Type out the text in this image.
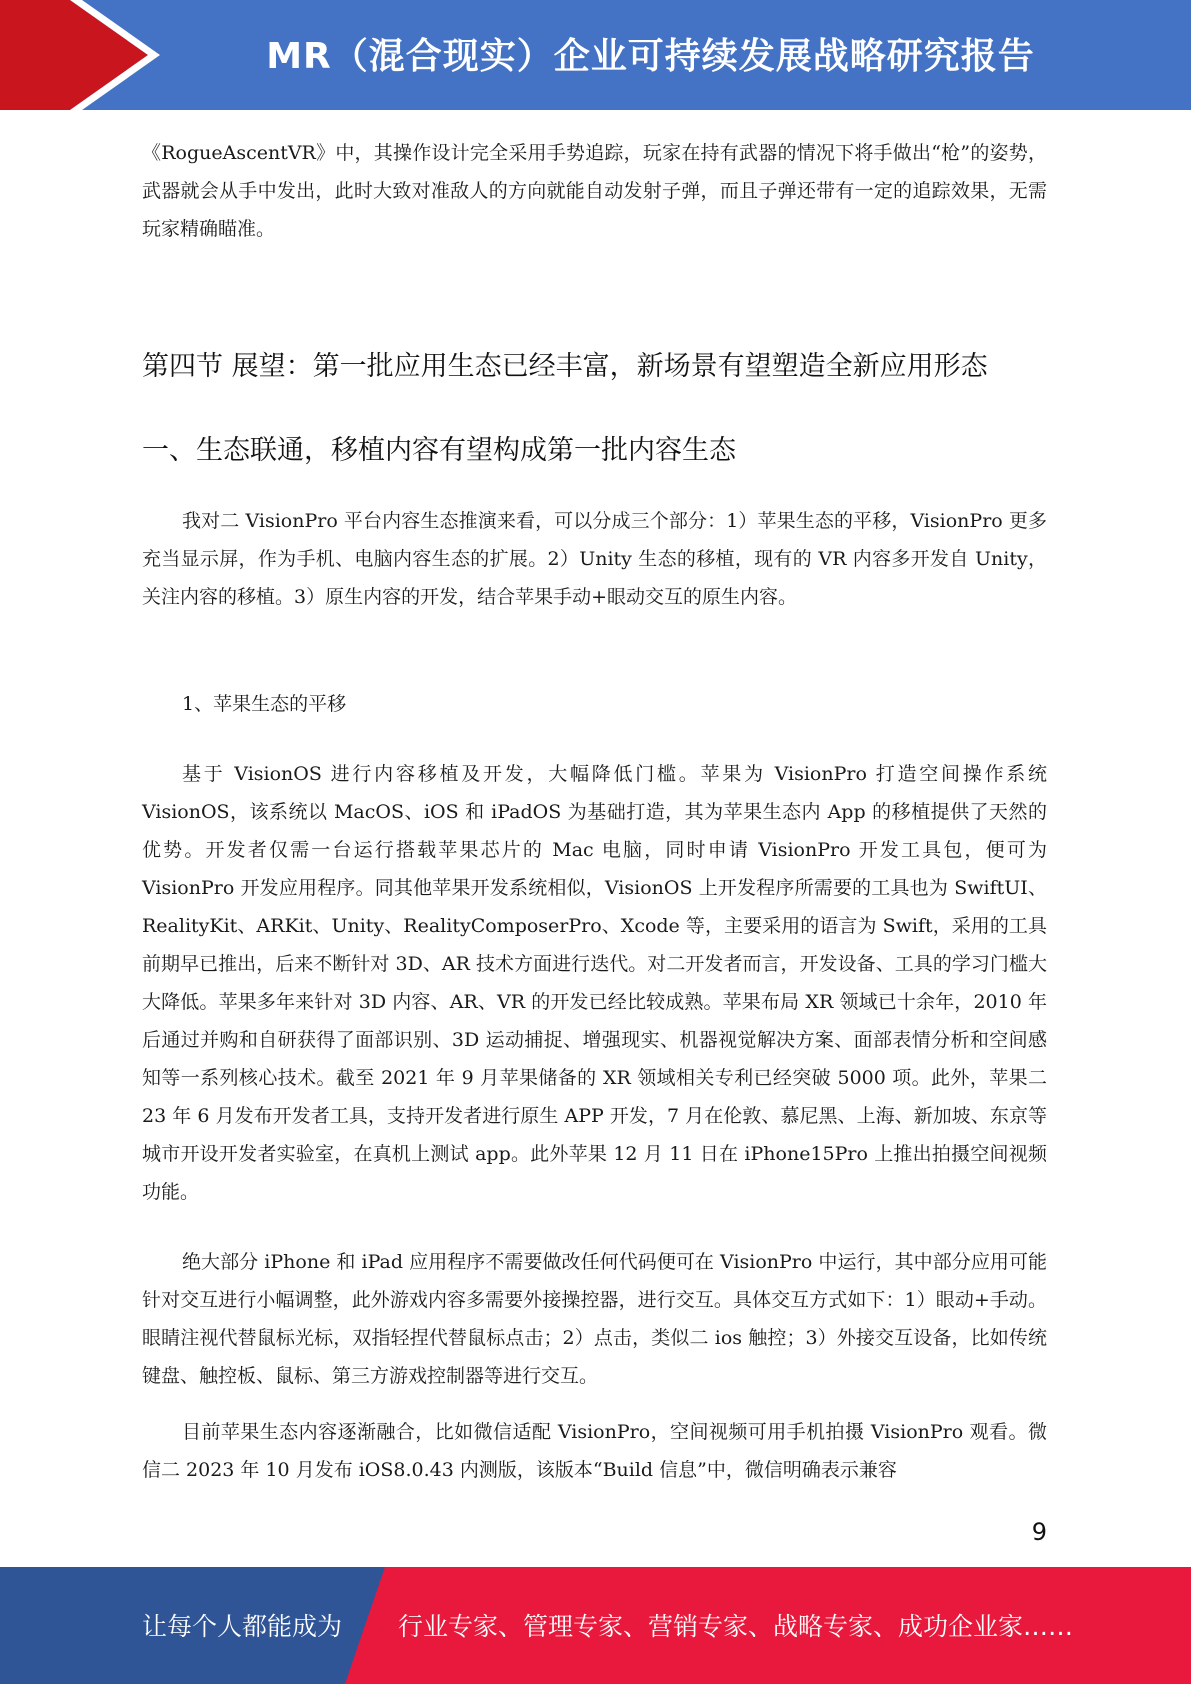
MR（混合现实）企业可持续发展战略研究报告

《RogueAscentVR》中，其操作设计完全采用手势追踪，玩家在持有武器的情况下将手做出“枪”的姿势，武器就会从手中发出，此时大致对准敌人的方向就能自动发射子弹，而且子弹还带有一定的追踪效果，无需玩家精确瞄准。

第四节 展望：第一批应用生态已经丰富，新场景有望塑造全新应用形态
一、生态联通，移植内容有望构成第一批内容生态

我对二 VisionPro 平台内容生态推演来看，可以分成三个部分：1）苹果生态的平移，VisionPro 更多充当显示屏，作为手机、电脑内容生态的扩展。2）Unity 生态的移植，现有的 VR 内容多开发自 Unity，关注内容的移植。3）原生内容的开发，结合苹果手动+眼动交互的原生内容。

1、苹果生态的平移

基于 VisionOS 进行内容移植及开发，大幅降低门槛。苹果为 VisionPro 打造空间操作系统 VisionOS，该系统以 MacOS、iOS 和 iPadOS 为基础打造，其为苹果生态内 App 的移植提供了天然的优势。开发者仅需一台运行搭载苹果芯片的 Mac 电脑，同时申请 VisionPro 开发工具包，便可为 VisionPro 开发应用程序。同其他苹果开发系统相似，VisionOS 上开发程序所需要的工具也为 SwiftUI、RealityKit、ARKit、Unity、RealityComposerPro、Xcode 等，主要采用的语言为 Swift，采用的工具前期早已推出，后来不断针对 3D、AR 技术方面进行迭代。对二开发者而言，开发设备、工具的学习门槛大大降低。苹果多年来针对 3D 内容、AR、VR 的开发已经比较成熟。苹果布局 XR 领域已十余年，2010 年后通过并购和自研获得了面部识别、3D 运动捕捉、增强现实、机器视觉解决方案、面部表情分析和空间感知等一系列核心技术。截至 2021 年 9 月苹果储备的 XR 领域相关专利已经突破 5000 项。此外，苹果二 23 年 6 月发布开发者工具，支持开发者进行原生 APP 开发，7 月在伦敦、慕尼黑、上海、新加坡、东京等城市开设开发者实验室，在真机上测试 app。此外苹果 12 月 11 日在 iPhone15Pro 上推出拍摄空间视频功能。

绝大部分 iPhone 和 iPad 应用程序不需要做改任何代码便可在 VisionPro 中运行，其中部分应用可能针对交互进行小幅调整，此外游戏内容多需要外接操控器，进行交互。具体交互方式如下：1）眼动+手动。眼睛注视代替鼠标光标，双指轻捏代替鼠标点击；2）点击，类似二 ios 触控；3）外接交互设备，比如传统键盘、触控板、鼠标、第三方游戏控制器等进行交互。

目前苹果生态内容逐渐融合，比如微信适配 VisionPro，空间视频可用手机拍摄 VisionPro 观看。微信二 2023 年 10 月发布 iOS8.0.43 内测版，该版本“Build 信息”中，微信明确表示兼容

9
让每个人都能成为 行业专家、管理专家、营销专家、战略专家、成功企业家……
